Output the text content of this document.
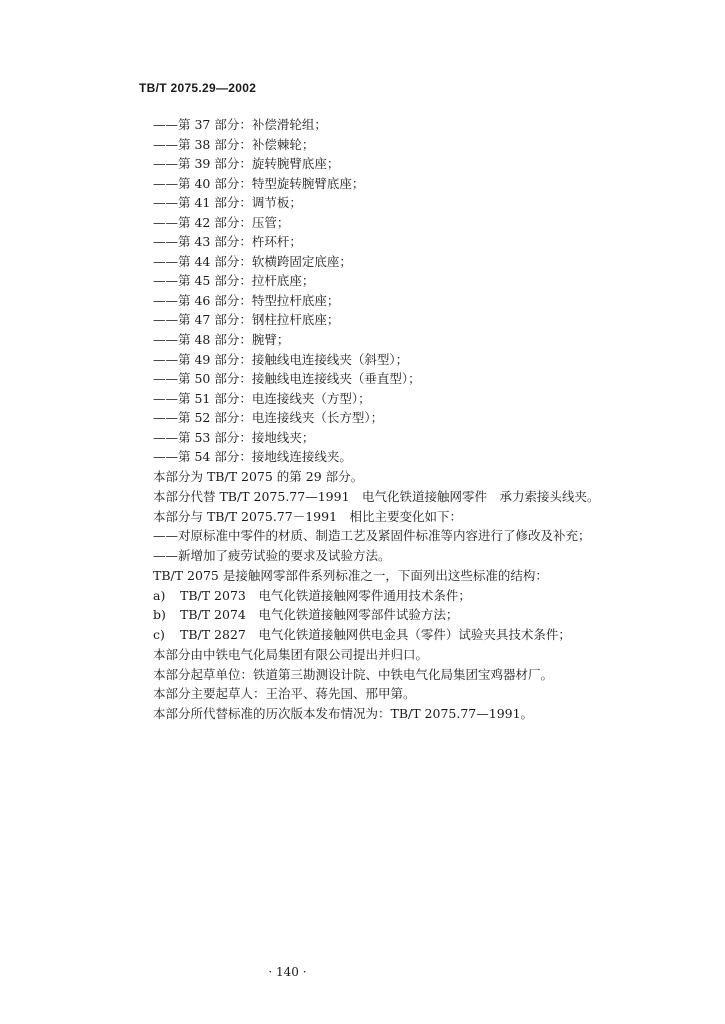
TB/T 2075.29—2002
——第 37 部分：补偿滑轮组；
——第 38 部分：补偿棘轮；
——第 39 部分：旋转腕臂底座；
——第 40 部分：特型旋转腕臂底座；
——第 41 部分：调节板；
——第 42 部分：压管；
——第 43 部分：杵环杆；
——第 44 部分：软横跨固定底座；
——第 45 部分：拉杆底座；
——第 46 部分：特型拉杆底座；
——第 47 部分：钢柱拉杆底座；
——第 48 部分：腕臂；
——第 49 部分：接触线电连接线夹（斜型）；
——第 50 部分：接触线电连接线夹（垂直型）；
——第 51 部分：电连接线夹（方型）；
——第 52 部分：电连接线夹（长方型）；
——第 53 部分：接地线夹；
——第 54 部分：接地线连接线夹。
本部分为 TB/T 2075 的第 29 部分。
本部分代替 TB/T 2075.77—1991　电气化铁道接触网零件　承力索接头线夹。
本部分与 TB/T 2075.77－1991　相比主要变化如下：
——对原标准中零件的材质、制造工艺及紧固件标准等内容进行了修改及补充；
——新增加了疲劳试验的要求及试验方法。
TB/T 2075 是接触网零部件系列标准之一，下面列出这些标准的结构：
a)	TB/T 2073　电气化铁道接触网零件通用技术条件；
b)	TB/T 2074　电气化铁道接触网零部件试验方法；
c)	TB/T 2827　电气化铁道接触网供电金具（零件）试验夹具技术条件；
本部分由中铁电气化局集团有限公司提出并归口。
本部分起草单位：铁道第三勘测设计院、中铁电气化局集团宝鸡器材厂。
本部分主要起草人：王治平、蒋先国、邢甲第。
本部分所代替标准的历次版本发布情况为：TB/T 2075.77—1991。
· 140 ·
